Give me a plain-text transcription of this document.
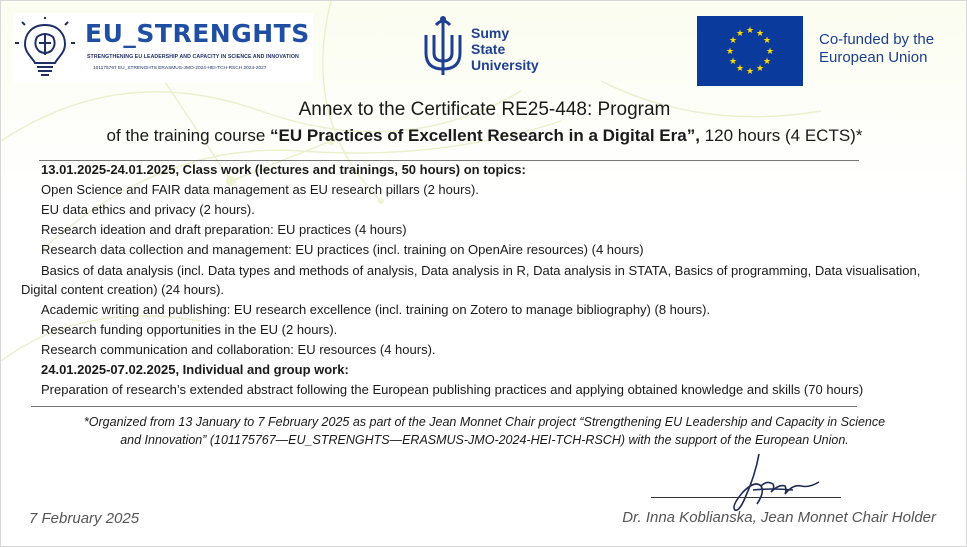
EU_STRENGHTS
STRENGTHENING EU LEADERSHIP AND CAPACITY IN SCIENCE AND INNOVATION
101175767 EU_STRENGHTS ERASMUS-JMO-2024-HEI-TCH-RSCH 2024-2027
Sumy
State
University
★ ★
★
★
★
★
★
★
★
★
★
★	Co-funded by the
European Union
Annex to the Certificate RE25-448: Program
of the training course “EU Practices of Excellent Research in a Digital Era”, 120 hours (4 ECTS)*
13.01.2025-24.01.2025, Class work (lectures and trainings, 50 hours) on topics:
Open Science and FAIR data management as EU research pillars (2 hours).
EU data ethics and privacy (2 hours).
Research ideation and draft preparation: EU practices (4 hours)
Research data collection and management: EU practices (incl. training on OpenAire resources) (4 hours)
Basics of data analysis (incl. Data types and methods of analysis, Data analysis in R, Data analysis in STATA, Basics of programming, Data visualisation,
Digital content creation) (24 hours).
Academic writing and publishing: EU research excellence (incl. training on Zotero to manage bibliography) (8 hours).
Research funding opportunities in the EU (2 hours).
Research communication and collaboration: EU resources (4 hours).
24.01.2025-07.02.2025, Individual and group work:
Preparation of research’s extended abstract following the European publishing practices and applying obtained knowledge and skills (70 hours)
*Organized from 13 January to 7 February 2025 as part of the Jean Monnet Chair project “Strengthening EU Leadership and Capacity in Science
and Innovation” (101175767—EU_STRENGHTS—ERASMUS-JMO-2024-HEI-TCH-RSCH) with the support of the European Union.
7 February 2025	Dr. Inna Koblianska, Jean Monnet Chair Holder
